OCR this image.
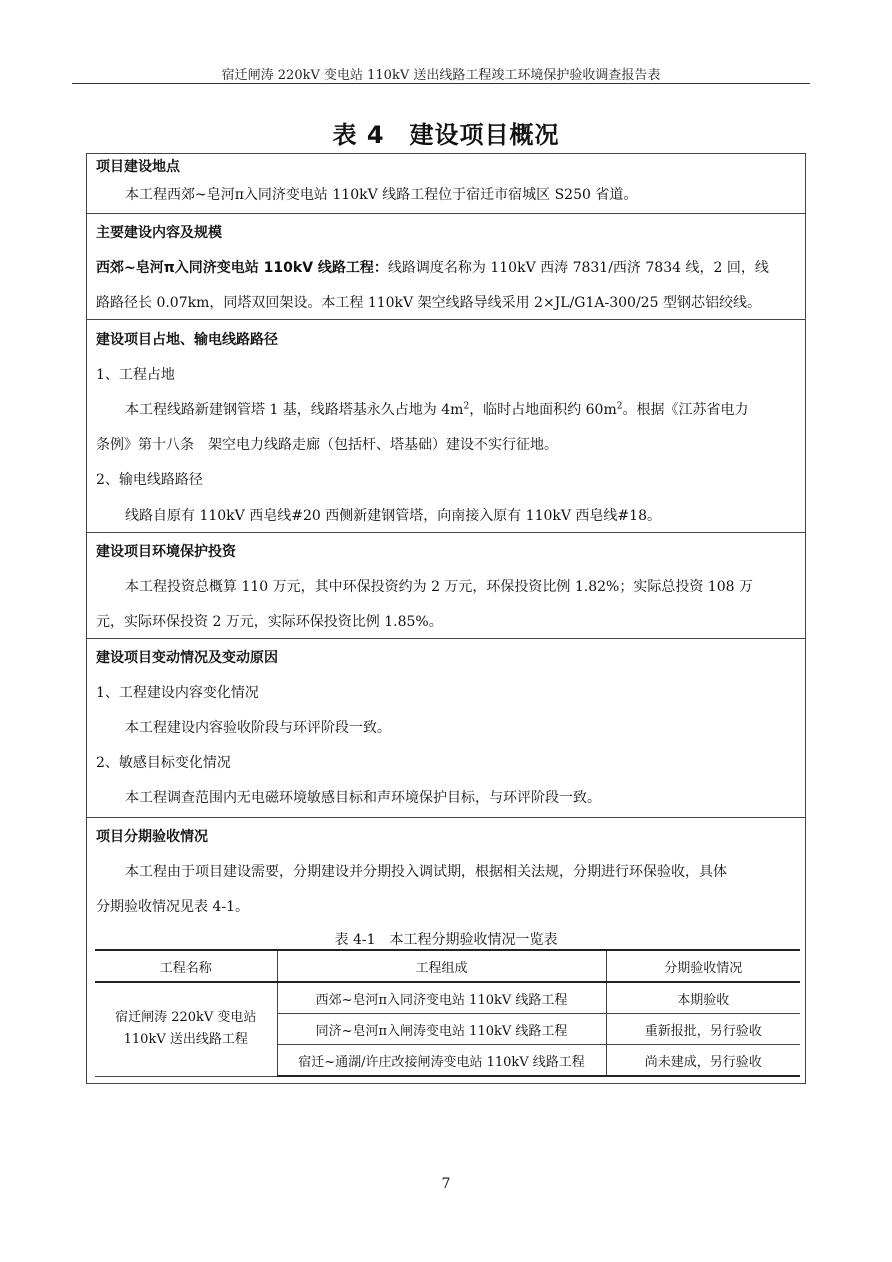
宿迁闸涛 220kV 变电站 110kV 送出线路工程竣工环境保护验收调查报告表
表 4　建设项目概况
项目建设地点
本工程西郊~皂河π入同济变电站 110kV 线路工程位于宿迁市宿城区 S250 省道。
主要建设内容及规模
西郊~皂河π入同济变电站 110kV 线路工程：线路调度名称为 110kV 西涛 7831/西济 7834 线，2 回，线
路路径长 0.07km，同塔双回架设。本工程 110kV 架空线路导线采用 2×JL/G1A-300/25 型钢芯铝绞线。
建设项目占地、输电线路路径
1、工程占地
本工程线路新建钢管塔 1 基，线路塔基永久占地为 $4m^2$，临时占地面积约 $60m^2$。根据《江苏省电力
条例》第十八条　架空电力线路走廊（包括杆、塔基础）建设不实行征地。
2、输电线路路径
线路自原有 110kV 西皂线#20 西侧新建钢管塔，向南接入原有 110kV 西皂线#18。
建设项目环境保护投资
本工程投资总概算 110 万元，其中环保投资约为 2 万元，环保投资比例 1.82%；实际总投资 108 万
元，实际环保投资 2 万元，实际环保投资比例 1.85%。
建设项目变动情况及变动原因
1、工程建设内容变化情况
本工程建设内容验收阶段与环评阶段一致。
2、敏感目标变化情况
本工程调查范围内无电磁环境敏感目标和声环境保护目标，与环评阶段一致。
项目分期验收情况
本工程由于项目建设需要，分期建设并分期投入调试期，根据相关法规，分期进行环保验收，具体
分期验收情况见表 4-1。
表 4-1　本工程分期验收情况一览表
工程名称	工程组成	分期验收情况
宿迁闸涛 220kV 变电站
110kV 送出线路工程	西郊~皂河π入同济变电站 110kV 线路工程	本期验收
	同济~皂河π入闸涛变电站 110kV 线路工程	重新报批，另行验收
	宿迁~通湖/许庄改接闸涛变电站 110kV 线路工程	尚未建成，另行验收
7
